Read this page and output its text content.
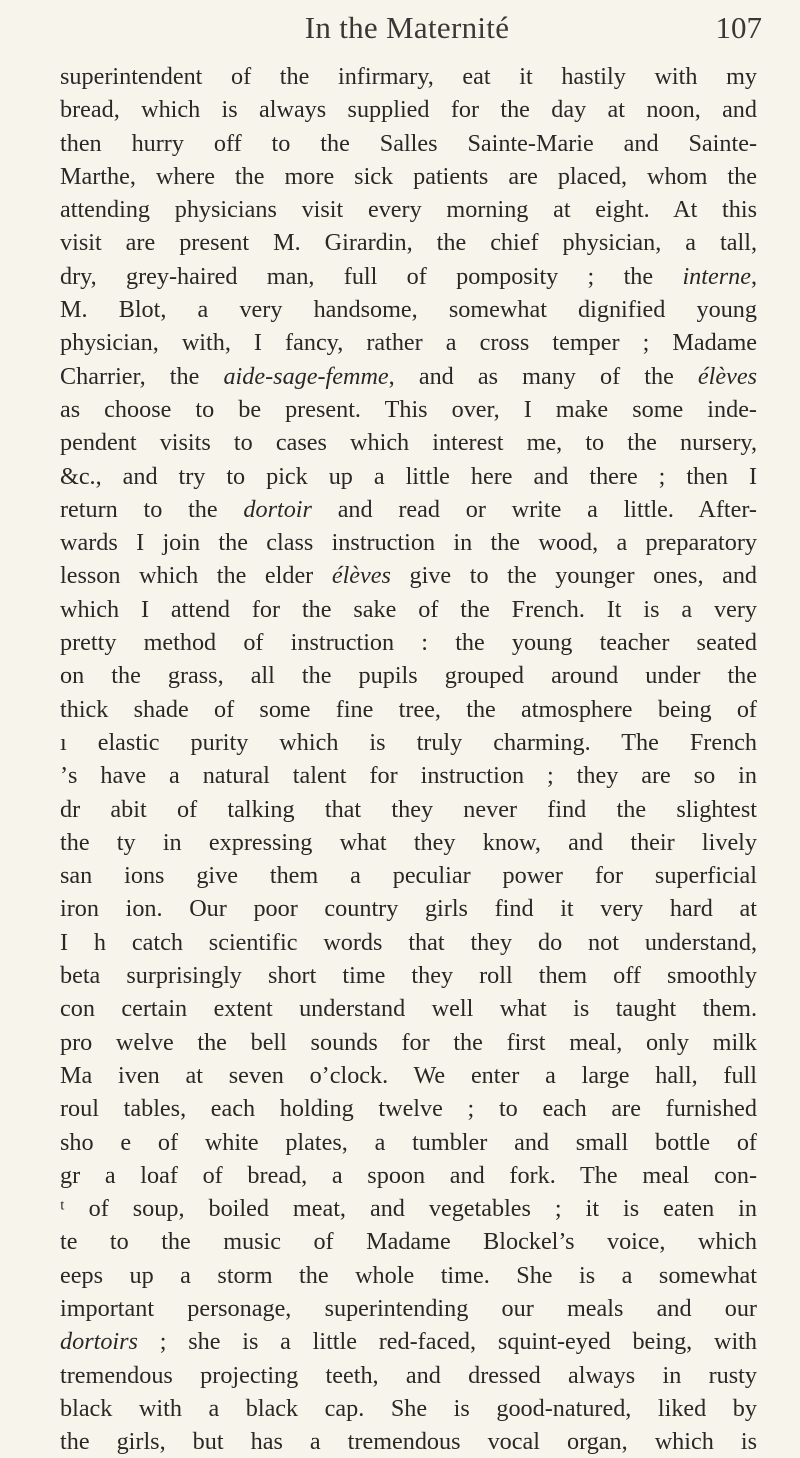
In the Maternité	107
superintendent of the infirmary, eat it hastily with my
bread, which is always supplied for the day at noon, and
then hurry off to the Salles Sainte-Marie and Sainte-
Marthe, where the more sick patients are placed, whom the
attending physicians visit every morning at eight. At this
visit are present M. Girardin, the chief physician, a tall,
dry, grey-haired man, full of pomposity ; the interne,
M. Blot, a very handsome, somewhat dignified young
physician, with, I fancy, rather a cross temper ; Madame
Charrier, the aide-sage-femme, and as many of the élèves
as choose to be present. This over, I make some inde-
pendent visits to cases which interest me, to the nursery,
&c., and try to pick up a little here and there ; then I
return to the dortoir and read or write a little. After-
wards I join the class instruction in the wood, a preparatory
lesson which the elder élèves give to the younger ones, and
which I attend for the sake of the French. It is a very
pretty method of instruction : the young teacher seated
on the grass, all the pupils grouped around under the
thick shade of some fine tree, the atmosphere being of
ı elastic purity which is truly charming. The French
ʼs have a natural talent for instruction ; they are so in
dr abit of talking that they never find the slightest
the ty in expressing what they know, and their lively
san ions give them a peculiar power for superficial
iron ion. Our poor country girls find it very hard at
I h catch scientific words that they do not understand,
beta surprisingly short time they roll them off smoothly
con certain extent understand well what is taught them.
pro welve the bell sounds for the first meal, only milk
Ma iven at seven o’clock. We enter a large hall, full
roul tables, each holding twelve ; to each are furnished
sho e of white plates, a tumbler and small bottle of
gr a loaf of bread, a spoon and fork. The meal con-
ᵗ of soup, boiled meat, and vegetables ; it is eaten in
te to the music of Madame Blockel’s voice, which
eeps up a storm the whole time. She is a somewhat
important personage, superintending our meals and our
dortoirs ; she is a little red-faced, squint-eyed being, with
tremendous projecting teeth, and dressed always in rusty
black with a black cap. She is good-natured, liked by
the girls, but has a tremendous vocal organ, which is
